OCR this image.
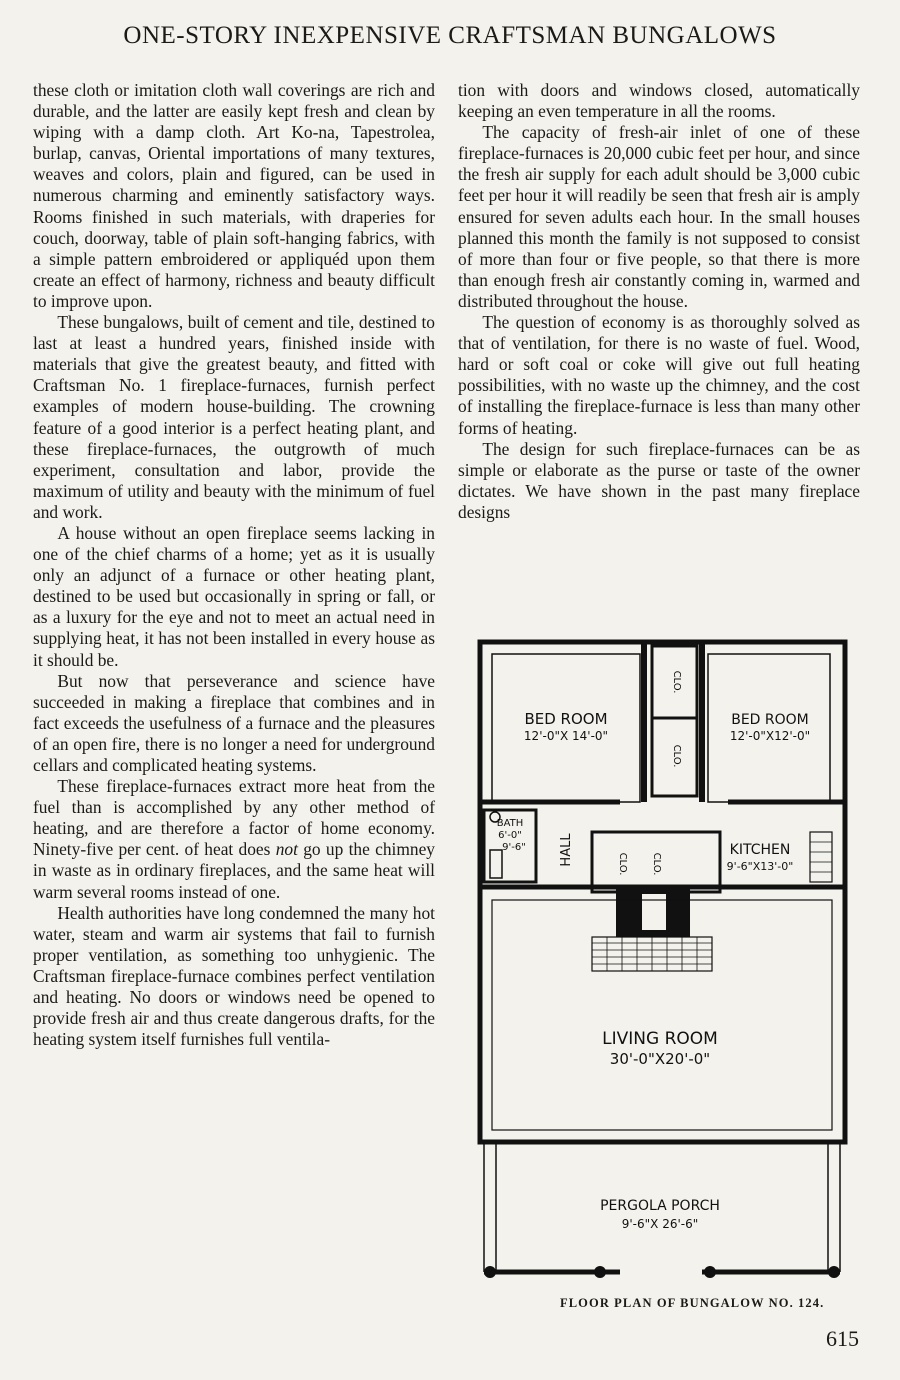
ONE-STORY INEXPENSIVE CRAFTSMAN BUNGALOWS

these cloth or imitation cloth wall coverings are rich and durable, and the latter are easily kept fresh and clean by wiping with a damp cloth. Art Ko-na, Tapestrolea, burlap, canvas, Oriental importations of many textures, weaves and colors, plain and figured, can be used in numerous charming and eminently satisfactory ways. Rooms finished in such materials, with draperies for couch, doorway, table of plain soft-hanging fabrics, with a simple pattern embroidered or appliquéd upon them create an effect of harmony, richness and beauty difficult to improve upon.

These bungalows, built of cement and tile, destined to last at least a hundred years, finished inside with materials that give the greatest beauty, and fitted with Craftsman No. 1 fireplace-furnaces, furnish perfect examples of modern house-building. The crowning feature of a good interior is a perfect heating plant, and these fireplace-furnaces, the outgrowth of much experiment, consultation and labor, provide the maximum of utility and beauty with the minimum of fuel and work.

A house without an open fireplace seems lacking in one of the chief charms of a home; yet as it is usually only an adjunct of a furnace or other heating plant, destined to be used but occasionally in spring or fall, or as a luxury for the eye and not to meet an actual need in supplying heat, it has not been installed in every house as it should be.

But now that perseverance and science have succeeded in making a fireplace that combines and in fact exceeds the usefulness of a furnace and the pleasures of an open fire, there is no longer a need for underground cellars and complicated heating systems.

These fireplace-furnaces extract more heat from the fuel than is accomplished by any other method of heating, and are therefore a factor of home economy. Ninety-five per cent. of heat does not go up the chimney in waste as in ordinary fireplaces, and the same heat will warm several rooms instead of one.

Health authorities have long condemned the many hot water, steam and warm air systems that fail to furnish proper ventilation, as something too unhygienic. The Craftsman fireplace-furnace combines perfect ventilation and heating. No doors or windows need be opened to provide fresh air and thus create dangerous drafts, for the heating system itself furnishes full ventila-

tion with doors and windows closed, automatically keeping an even temperature in all the rooms.

The capacity of fresh-air inlet of one of these fireplace-furnaces is 20,000 cubic feet per hour, and since the fresh air supply for each adult should be 3,000 cubic feet per hour it will readily be seen that fresh air is amply ensured for seven adults each hour. In the small houses planned this month the family is not supposed to consist of more than four or five people, so that there is more than enough fresh air constantly coming in, warmed and distributed throughout the house.

The question of economy is as thoroughly solved as that of ventilation, for there is no waste of fuel. Wood, hard or soft coal or coke will give out full heating possibilities, with no waste up the chimney, and the cost of installing the fireplace-furnace is less than many other forms of heating.

The design for such fireplace-furnaces can be as simple or elaborate as the purse or taste of the owner dictates. We have shown in the past many fireplace designs

BED ROOM
12'-0"X 14'-0"
BED ROOM
12'-0"X12'-0"
CLO.
CLO.
BATH
6'-0"
9'-6"	HALL	CLO. CLO.
KITCHEN
9'-6"X13'-0"
LIVING ROOM
30'-0"X20'-0"
PERGOLA PORCH
9'-6"X 26'-6"
FLOOR PLAN OF BUNGALOW NO. 124.
615
